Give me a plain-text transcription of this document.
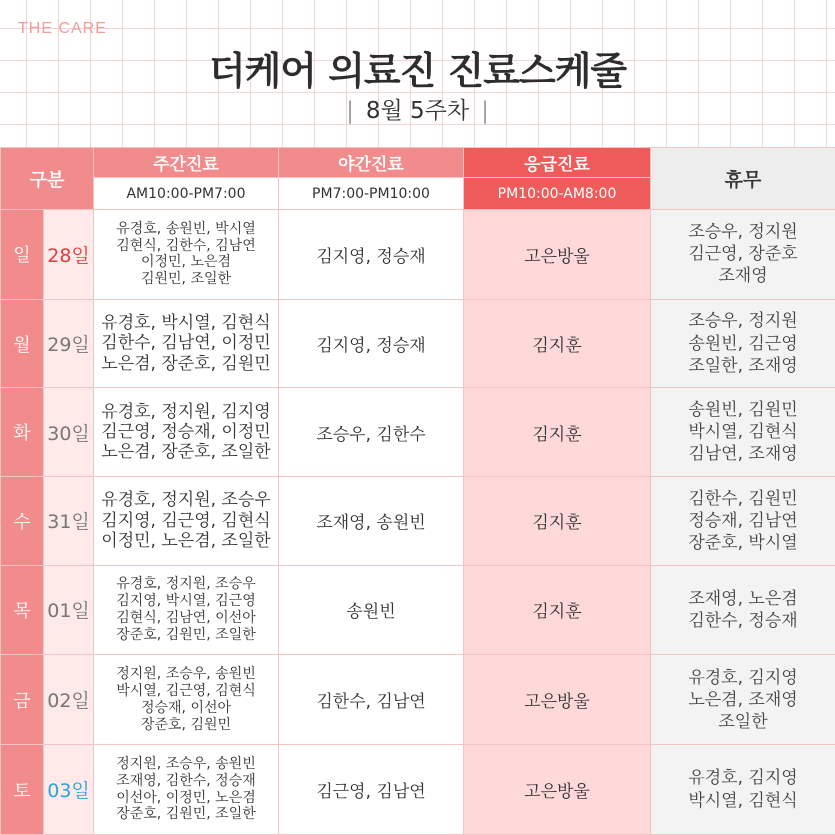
THE CARE
더케어 의료진 진료스케줄
| 8월 5주차 |
구분		주간진료	야간진료	응급진료	휴무
		AM10:00-PM7:00	PM7:00-PM10:00	PM10:00-AM8:00	
일	28일	유경호, 송원빈, 박시열
김현식, 김한수, 김남연
이정민, 노은겸
김원민, 조일한	김지영, 정승재	고은방울	조승우, 정지원
김근영, 장준호
조재영

월	29일	유경호, 박시열, 김현식
김한수, 김남연, 이정민
노은겸, 장준호, 김원민	김지영, 정승재	김지훈	조승우, 정지원
송원빈, 김근영
조일한, 조재영

화	30일	유경호, 정지원, 김지영
김근영, 정승재, 이정민
노은겸, 장준호, 조일한	조승우, 김한수	김지훈	송원빈, 김원민
박시열, 김현식
김남연, 조재영

수	31일	유경호, 정지원, 조승우
김지영, 김근영, 김현식
이정민, 노은겸, 조일한	조재영, 송원빈	김지훈	김한수, 김원민
정승재, 김남연
장준호, 박시열

목	01일	유경호, 정지원, 조승우
김지영, 박시열, 김근영
김현식, 김남연, 이선아
장준호, 김원민, 조일한	송원빈	김지훈	조재영, 노은겸
김한수, 정승재

금	02일	정지원, 조승우, 송원빈
박시열, 김근영, 김현식
정승재, 이선아
장준호, 김원민	김한수, 김남연	고은방울	유경호, 김지영
노은겸, 조재영
조일한

토	03일	정지원, 조승우, 송원빈
조재영, 김한수, 정승재
이선아, 이정민, 노은겸
장준호, 김원민, 조일한	김근영, 김남연	고은방울	유경호, 김지영
박시열, 김현식
